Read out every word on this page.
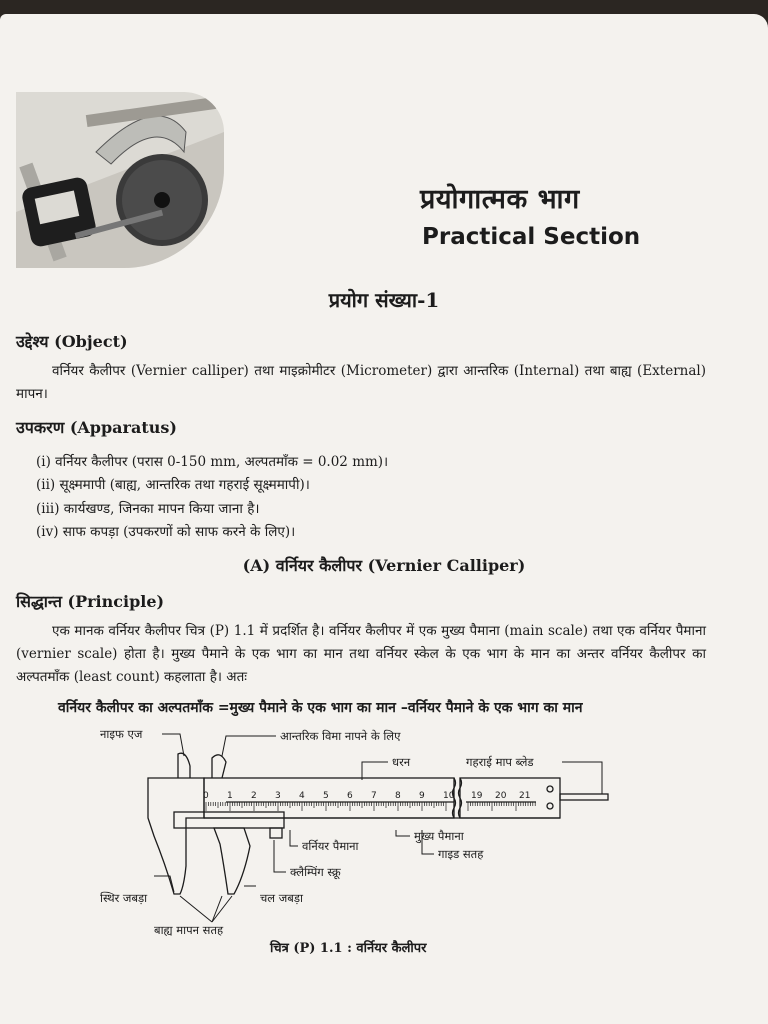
प्रयोगात्मक भाग
Practical Section
प्रयोग संख्या-1
उद्देश्य (Object)
वर्नियर कैलीपर (Vernier calliper) तथा माइक्रोमीटर (Micrometer) द्वारा आन्तरिक (Internal) तथा बाह्य (External) मापन।
उपकरण (Apparatus)
(i) वर्नियर कैलीपर (परास 0-150 mm, अल्पतमाँक = 0.02 mm)।
(ii) सूक्ष्ममापी (बाह्य, आन्तरिक तथा गहराई सूक्ष्ममापी)।
(iii) कार्यखण्ड, जिनका मापन किया जाना है।
(iv) साफ कपड़ा (उपकरणों को साफ करने के लिए)।
(A) वर्नियर कैलीपर (Vernier Calliper)
सिद्धान्त (Principle)
एक मानक वर्नियर कैलीपर चित्र (P) 1.1 में प्रदर्शित है। वर्नियर कैलीपर में एक मुख्य पैमाना (main scale) तथा एक वर्नियर पैमाना (vernier scale) होता है। मुख्य पैमाने के एक भाग का मान तथा वर्नियर स्केल के एक भाग के मान का अन्तर वर्नियर कैलीपर का अल्पतमाँक (least count) कहलाता है। अतः
वर्नियर कैलीपर का अल्पतमाँक =मुख्य पैमाने के एक भाग का मान –वर्नियर पैमाने के एक भाग का मान
0 1 2 3 4 5 6 7 8 9 10 19 20 21
नाइफ एज	आन्तरिक विमा नापने के लिए
धरन	गहराई माप ब्लेड
मुख्य पैमाना
वर्नियर पैमाना
गाइड सतह
क्लैम्पिंग स्क्रू
स्थिर जबड़ा	चल जबड़ा
बाह्य मापन सतह
चित्र (P) 1.1 : वर्नियर कैलीपर
